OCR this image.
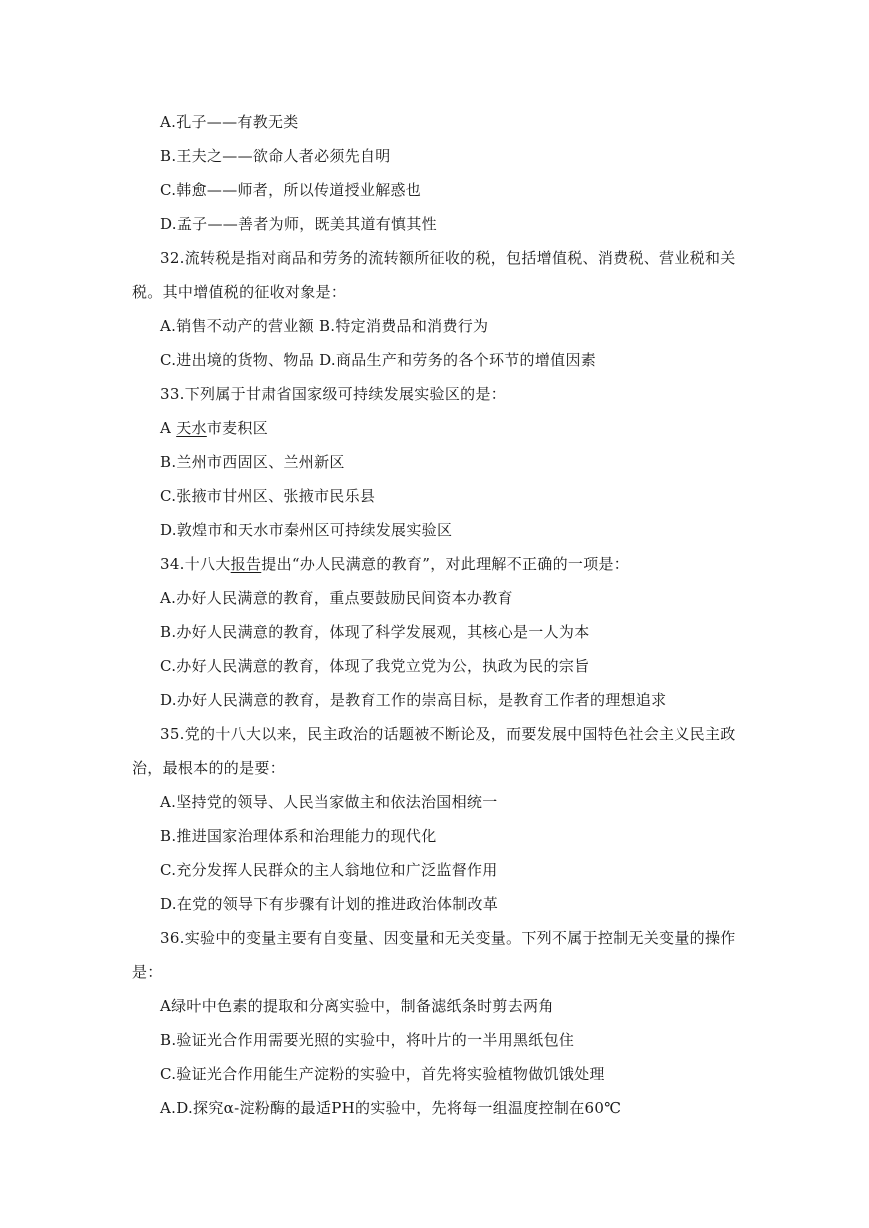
A.孔子——有教无类
B.王夫之——欲命人者必须先自明
C.韩愈——师者，所以传道授业解惑也
D.孟子——善者为师，既美其道有慎其性
32.流转税是指对商品和劳务的流转额所征收的税，包括增值税、消费税、营业税和关
税。其中增值税的征收对象是：
A.销售不动产的营业额 B.特定消费品和消费行为
C.进出境的货物、物品 D.商品生产和劳务的各个环节的增值因素
33.下列属于甘肃省国家级可持续发展实验区的是：
A 天水市麦积区
B.兰州市西固区、兰州新区
C.张掖市甘州区、张掖市民乐县
D.敦煌市和天水市秦州区可持续发展实验区
34.十八大报告提出“办人民满意的教育”，对此理解不正确的一项是：
A.办好人民满意的教育，重点要鼓励民间资本办教育
B.办好人民满意的教育，体现了科学发展观，其核心是一人为本
C.办好人民满意的教育，体现了我党立党为公，执政为民的宗旨
D.办好人民满意的教育，是教育工作的崇高目标，是教育工作者的理想追求
35.党的十八大以来，民主政治的话题被不断论及，而要发展中国特色社会主义民主政
治，最根本的的是要：
A.坚持党的领导、人民当家做主和依法治国相统一
B.推进国家治理体系和治理能力的现代化
C.充分发挥人民群众的主人翁地位和广泛监督作用
D.在党的领导下有步骤有计划的推进政治体制改革
36.实验中的变量主要有自变量、因变量和无关变量。下列不属于控制无关变量的操作
是：
A绿叶中色素的提取和分离实验中，制备滤纸条时剪去两角
B.验证光合作用需要光照的实验中，将叶片的一半用黑纸包住
C.验证光合作用能生产淀粉的实验中，首先将实验植物做饥饿处理
A.D.探究α-淀粉酶的最适PH的实验中，先将每一组温度控制在60℃
